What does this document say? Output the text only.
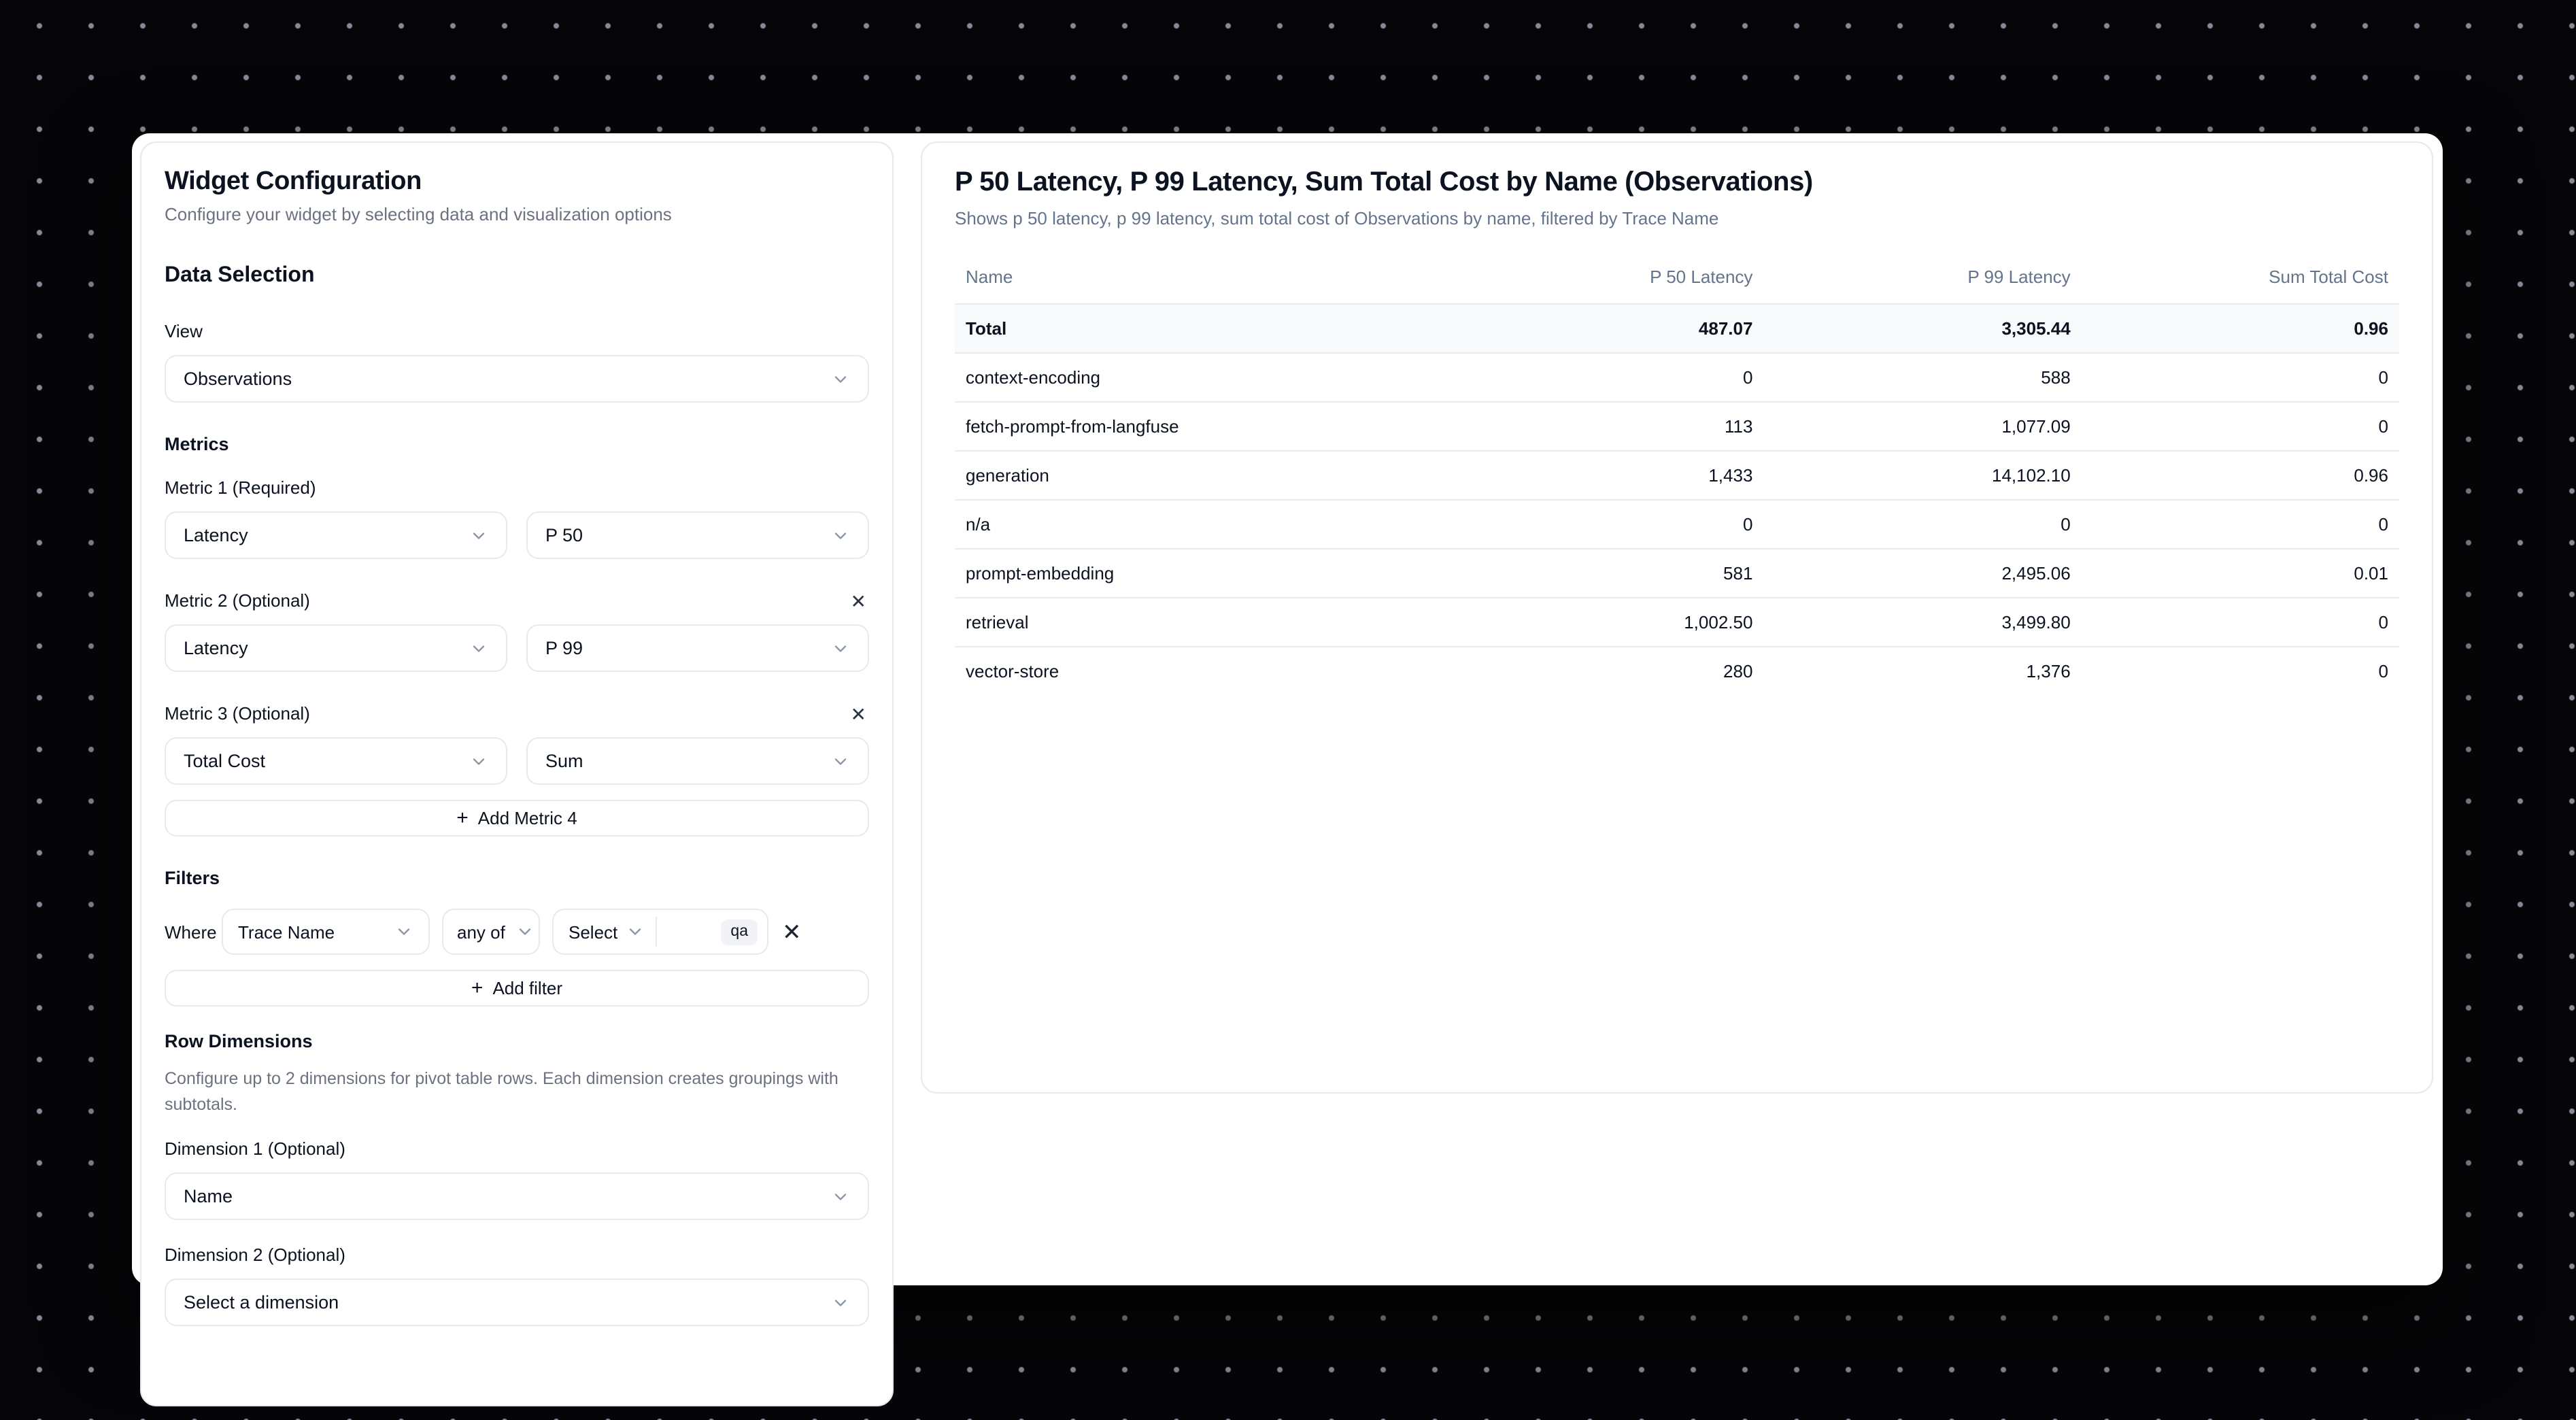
Widget Configuration
Configure your widget by selecting data and visualization options
Data Selection
View
Observations
Metrics
Metric 1 (Required)
Latency	P 50
Metric 2 (Optional)	✕
Latency	P 99
Metric 3 (Optional)	✕
Total Cost	Sum
+ Add Metric 4
Filters
Where Trace Name	any of	Select	qa	✕
+ Add filter
Row Dimensions
Configure up to 2 dimensions for pivot table rows. Each dimension creates groupings with subtotals.
Dimension 1 (Optional)
Name
Dimension 2 (Optional)
Select a dimension
P 50 Latency, P 99 Latency, Sum Total Cost by Name (Observations)
Shows p 50 latency, p 99 latency, sum total cost of Observations by name, filtered by Trace Name
Name	P 50 Latency	P 99 Latency	Sum Total Cost
Total	487.07	3,305.44	0.96
context-encoding	0	588	0
fetch-prompt-from-langfuse	113	1,077.09	0
generation	1,433	14,102.10	0.96
n/a	0	0	0
prompt-embedding	581	2,495.06	0.01
retrieval	1,002.50	3,499.80	0
vector-store	280	1,376	0
